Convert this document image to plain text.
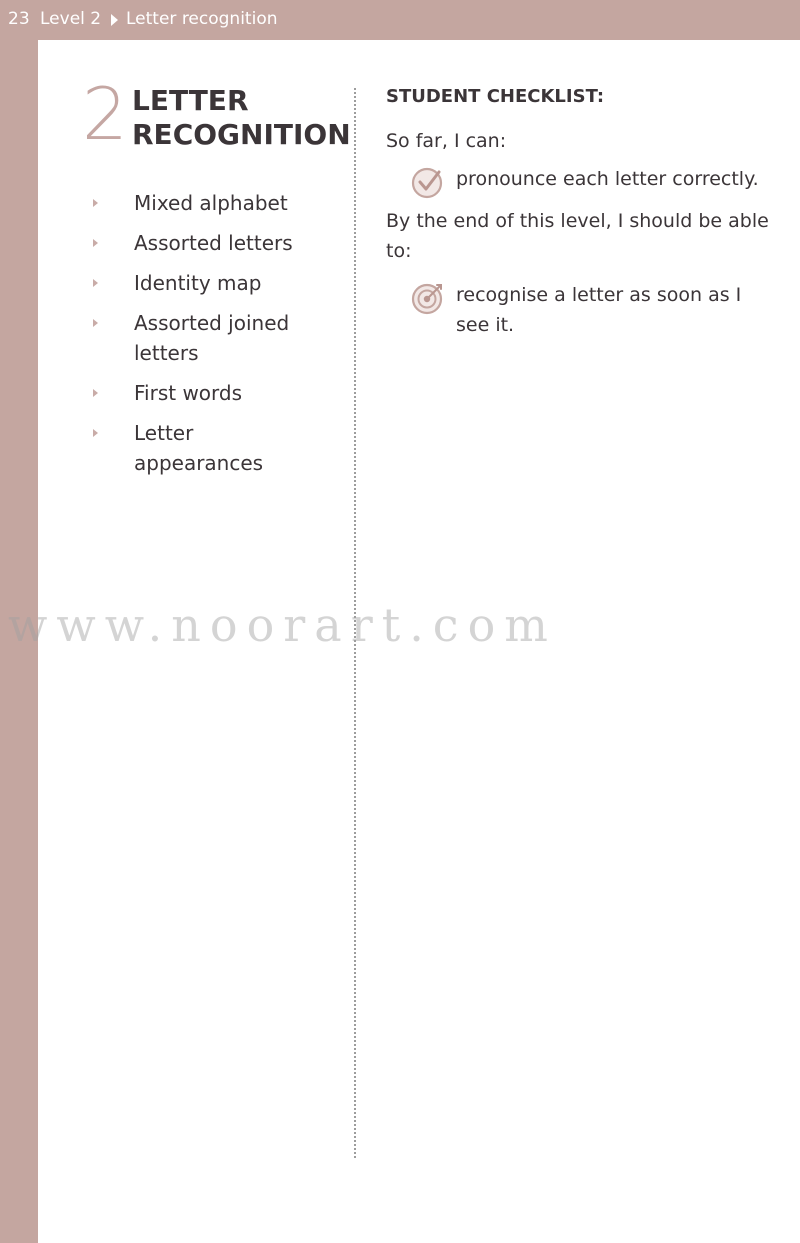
23 Level 2 Letter recognition
2 LETTER
RECOGNITION
Mixed alphabet
Assorted letters
Identity map
Assorted joined letters
First words
Letter appearances
STUDENT CHECKLIST:
So far, I can:
pronounce each letter correctly.
By the end of this level, I should be able to:
recognise a letter as soon as I see it.
www.noorart.com
